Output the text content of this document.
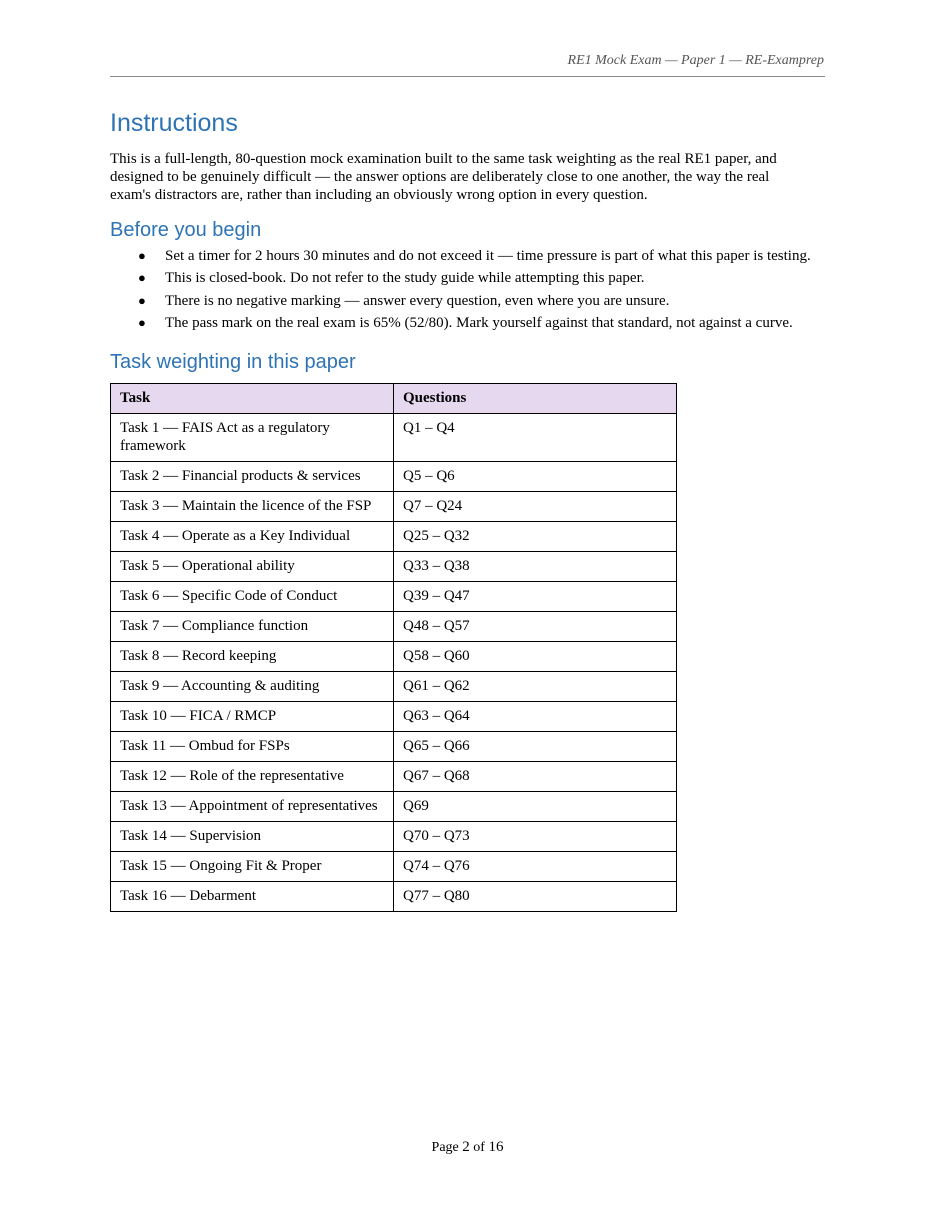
RE1 Mock Exam — Paper 1 — RE-Examprep
Instructions

This is a full-length, 80-question mock examination built to the same task weighting as the real RE1 paper, and designed to be genuinely difficult — the answer options are deliberately close to one another, the way the real exam's distractors are, rather than including an obviously wrong option in every question.

Before you begin
● Set a timer for 2 hours 30 minutes and do not exceed it — time pressure is part of what this paper is testing.
● This is closed-book. Do not refer to the study guide while attempting this paper.
● There is no negative marking — answer every question, even where you are unsure.
● The pass mark on the real exam is 65% (52/80). Mark yourself against that standard, not against a curve.
Task weighting in this paper
Task	Questions
Task 1 — FAIS Act as a regulatory framework	Q1 – Q4
Task 2 — Financial products & services	Q5 – Q6
Task 3 — Maintain the licence of the FSP	Q7 – Q24
Task 4 — Operate as a Key Individual	Q25 – Q32
Task 5 — Operational ability	Q33 – Q38
Task 6 — Specific Code of Conduct	Q39 – Q47
Task 7 — Compliance function	Q48 – Q57
Task 8 — Record keeping	Q58 – Q60
Task 9 — Accounting & auditing	Q61 – Q62
Task 10 — FICA / RMCP	Q63 – Q64
Task 11 — Ombud for FSPs	Q65 – Q66
Task 12 — Role of the representative	Q67 – Q68
Task 13 — Appointment of representatives	Q69
Task 14 — Supervision	Q70 – Q73
Task 15 — Ongoing Fit & Proper	Q74 – Q76
Task 16 — Debarment	Q77 – Q80
Page 2 of 16
